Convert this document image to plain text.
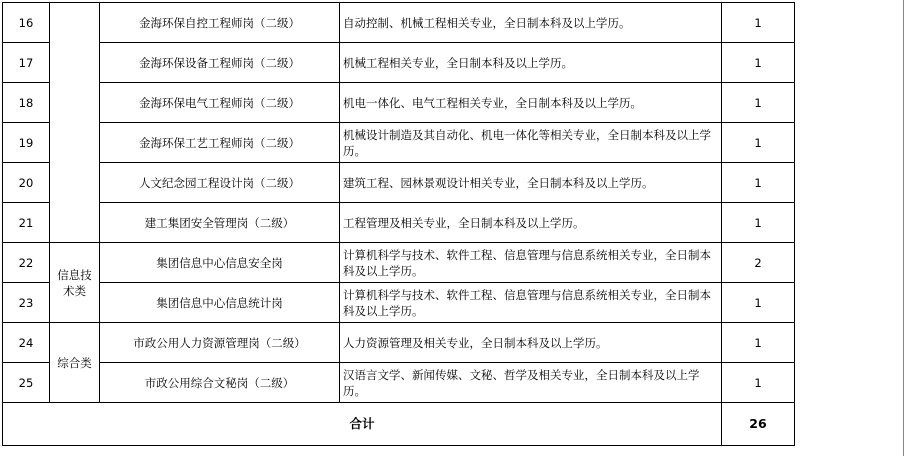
16		金海环保自控工程师岗（二级）	自动控制、机械工程相关专业，全日制本科及以上学历。	1
17		金海环保设备工程师岗（二级）	机械工程相关专业，全日制本科及以上学历。	1
18		金海环保电气工程师岗（二级）	机电一体化、电气工程相关专业，全日制本科及以上学历。	1
19		金海环保工艺工程师岗（二级）	机械设计制造及其自动化、机电一体化等相关专业，全日制本科及以上学历。	1
20		人文纪念园工程设计岗（二级）	建筑工程、园林景观设计相关专业，全日制本科及以上学历。	1
21		建工集团安全管理岗（二级）	工程管理及相关专业，全日制本科及以上学历。	1
22	信息技术类	集团信息中心信息安全岗	计算机科学与技术、软件工程、信息管理与信息系统相关专业，全日制本科及以上学历。	2
23		集团信息中心信息统计岗	计算机科学与技术、软件工程、信息管理与信息系统相关专业，全日制本科及以上学历。	1
24	综合类	市政公用人力资源管理岗（二级）	人力资源管理及相关专业，全日制本科及以上学历。	1
25		市政公用综合文秘岗（二级）	汉语言文学、新闻传媒、文秘、哲学及相关专业，全日制本科及以上学历。	1
合计				26
